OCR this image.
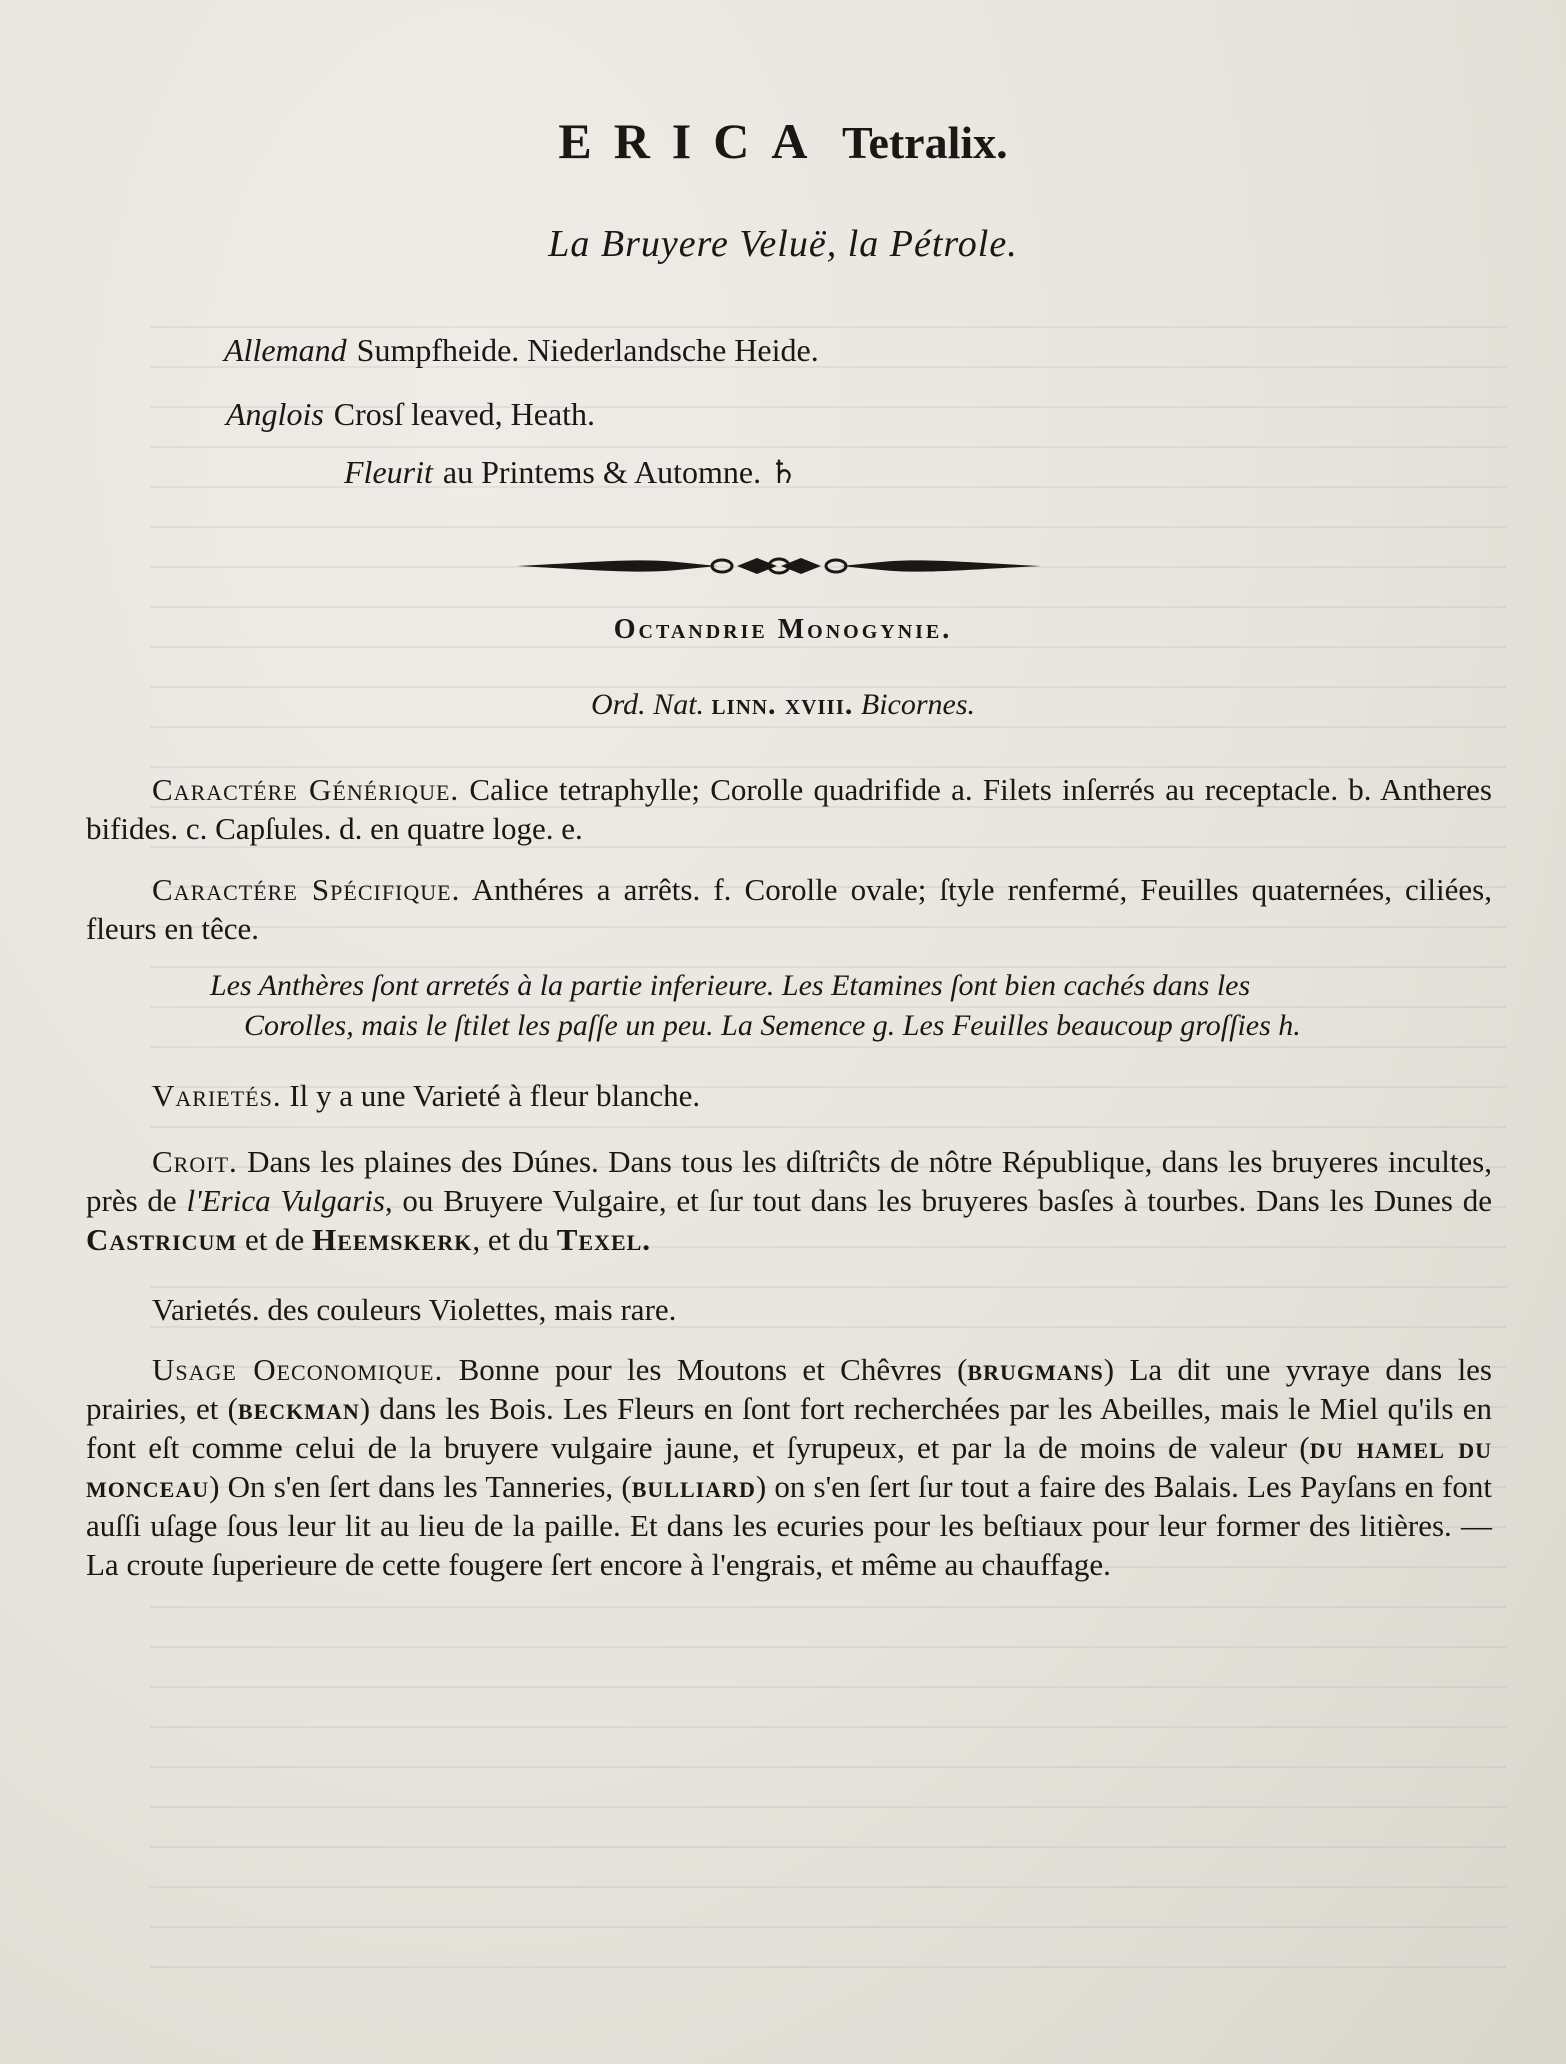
ERICA Tetralix.
La Bruyere Veluë, la Pétrole.
Allemand Sumpfheide. Niederlandsche Heide.
Anglois Crosſ leaved, Heath.
Fleurit au Printems & Automne. ♄
Octandrie Monogynie.
Ord. Nat. linn. xviii. Bicornes.
Caractére Générique. Calice tetraphylle; Corolle quadrifide a. Filets inſerrés au receptacle. b. Antheres bifides. c. Capſules. d. en quatre loge. e.
Caractére Spécifique. Anthéres a arrêts. f. Corolle ovale; ſtyle renfermé, Feuilles quaternées, ciliées, fleurs en têce.
Les Anthères ſont arretés à la partie inferieure. Les Etamines ſont bien cachés dans les
Corolles, mais le ſtilet les paſſe un peu. La Semence g. Les Feuilles beaucoup groſſies h.
Varietés. Il y a une Varieté à fleur blanche.
Croit. Dans les plaines des Dúnes. Dans tous les diſtriĉts de nôtre République, dans les bruyeres incultes, près de l'Erica Vulgaris, ou Bruyere Vulgaire, et ſur tout dans les bruyeres basſes à tourbes. Dans les Dunes de Castricum et de Heemskerk, et du Texel.
Varietés. des couleurs Violettes, mais rare.
Usage Oeconomique. Bonne pour les Moutons et Chêvres (brugmans) La dit une yvraye dans les prairies, et (beckman) dans les Bois. Les Fleurs en ſont fort recherchées par les Abeilles, mais le Miel qu'ils en font eſt comme celui de la bruyere vulgaire jaune, et ſyrupeux, et par la de moins de valeur (du hamel du monceau) On s'en ſert dans les Tanneries, (bulliard) on s'en ſert ſur tout a faire des Balais. Les Payſans en font auſſi uſage ſous leur lit au lieu de la paille. Et dans les ecuries pour les beſtiaux pour leur former des litières. — La croute ſuperieure de cette fougere ſert encore à l'engrais, et même au chauffage.
